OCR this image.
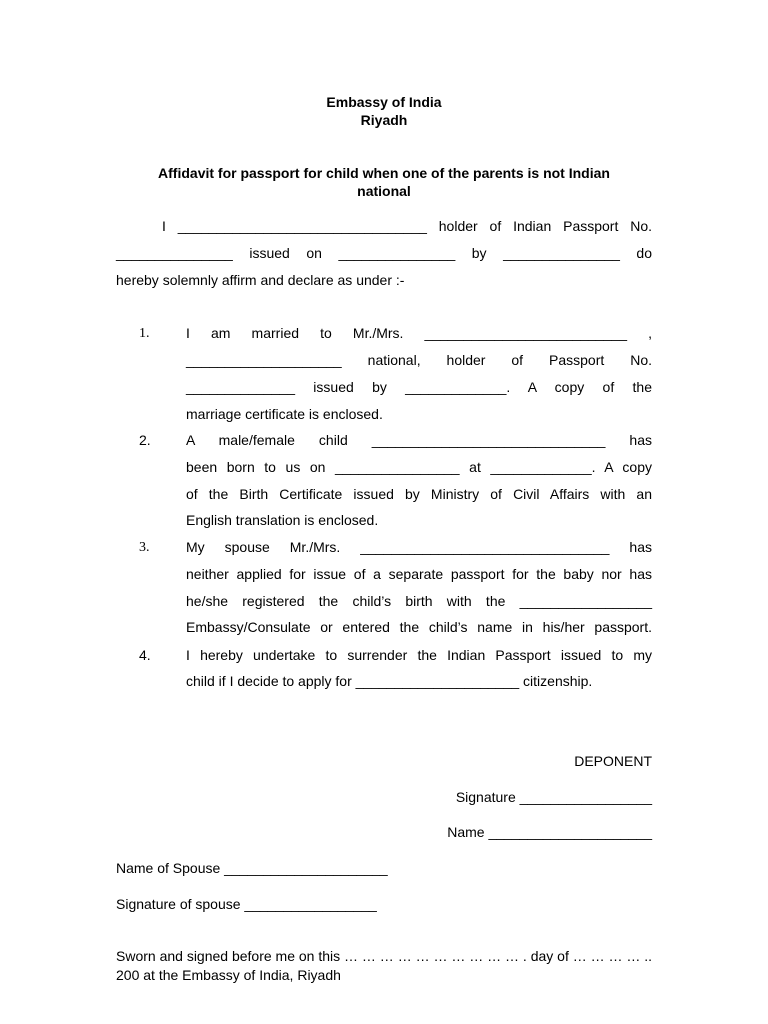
Embassy of India
Riyadh
Affidavit for passport for child when one of the parents is not Indian
national
I ________________________________ holder of Indian Passport No.
_______________ issued on _______________ by _______________ do
hereby solemnly affirm and declare as under :-
1.	I am married to Mr./Mrs. __________________________ ,
____________________ national, holder of Passport No.
______________ issued by _____________. A copy of the
marriage certificate is enclosed.
2.	A male/female child ______________________________ has
been born to us on ________________ at _____________. A copy
of the Birth Certificate issued by Ministry of Civil Affairs with an
English translation is enclosed.
3.	My spouse Mr./Mrs. ________________________________ has
neither applied for issue of a separate passport for the baby nor has
he/she registered the child’s birth with the _________________
Embassy/Consulate or entered the child’s name in his/her passport.
4.	I hereby undertake to surrender the Indian Passport issued to my
child if I decide to apply for _____________________ citizenship.
DEPONENT
Signature _________________
Name _____________________
Name of Spouse _____________________
Signature of spouse _________________
Sworn and signed before me on this … … … … … … … … … … . day of … … … … ..
200 at the Embassy of India, Riyadh
